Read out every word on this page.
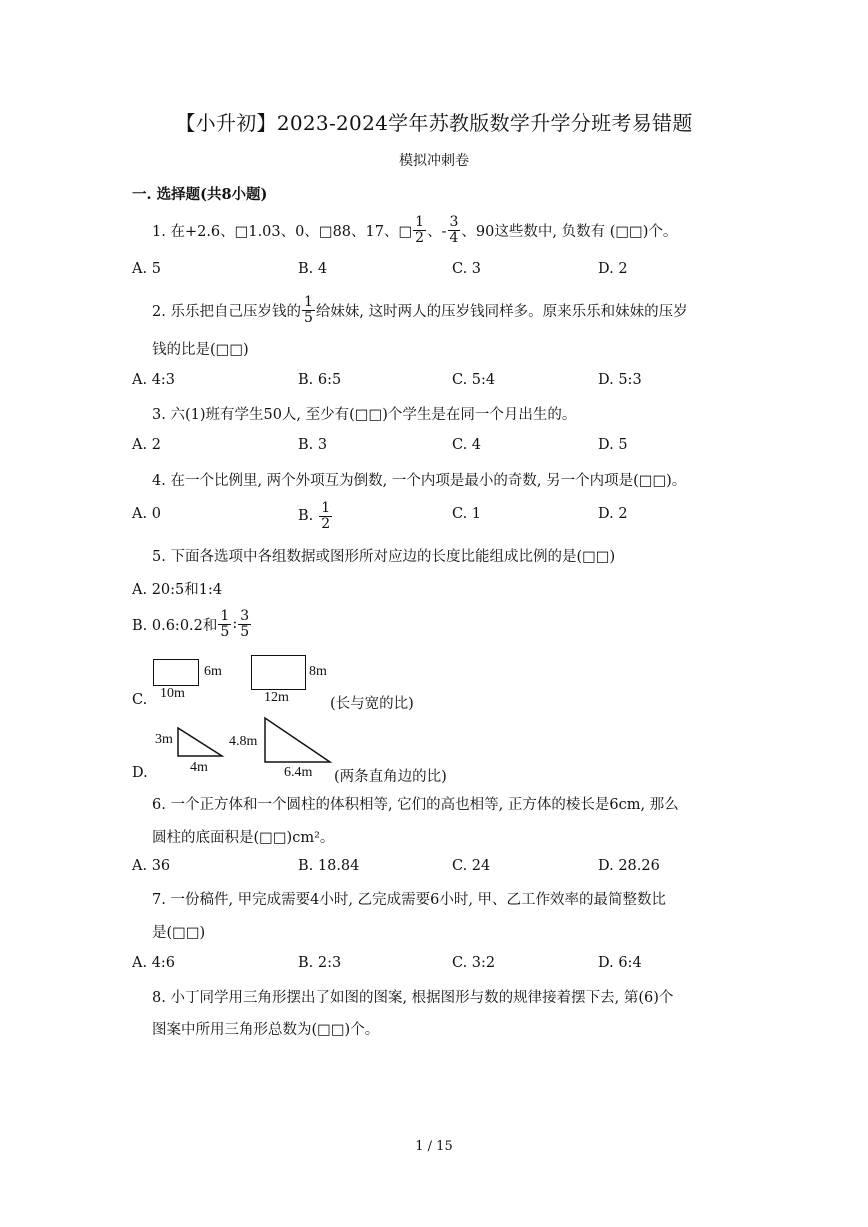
【小升初】2023-2024学年苏教版数学升学分班考易错题
模拟冲刺卷
一. 选择题(共8小题)
1. 在+2.6、□1.03、0、□88、17、□ $\frac{1}{2}$ 、- $\frac{3}{4}$ 、90这些数中, 负数有 (□□)个。
A. 5	B. 4	C. 3	D. 2
2. 乐乐把自己压岁钱的 $\frac{1}{5}$ 给妹妹, 这时两人的压岁钱同样多。原来乐乐和妹妹的压岁
钱的比是(□□)
A. 4:3	B. 6:5	C. 5:4	D. 5:3
3. 六(1)班有学生50人, 至少有(□□)个学生是在同一个月出生的。
A. 2	B. 3	C. 4	D. 5
4. 在一个比例里, 两个外项互为倒数, 一个内项是最小的奇数, 另一个内项是(□□)。
A. 0	B. $\frac{1}{2}$	C. 1	D. 2
5. 下面各选项中各组数据或图形所对应边的长度比能组成比例的是(□□)
A. 20:5和1:4
B. 0.6:0.2和 $\frac{1}{5}$ : $\frac{3}{5}$
C.
6m
10m
8m
12m	(长与宽的比)
D.
3m
4m
4.8m
6.4m (两条直角边的比)
6. 一个正方体和一个圆柱的体积相等, 它们的高也相等, 正方体的棱长是6cm, 那么
圆柱的底面积是(□□)cm²。
A. 36	B. 18.84	C. 24	D. 28.26
7. 一份稿件, 甲完成需要4小时, 乙完成需要6小时, 甲、乙工作效率的最简整数比
是(□□)
A. 4:6	B. 2:3	C. 3:2	D. 6:4
8. 小丁同学用三角形摆出了如图的图案, 根据图形与数的规律接着摆下去, 第(6)个
图案中所用三角形总数为(□□)个。
1 / 15
